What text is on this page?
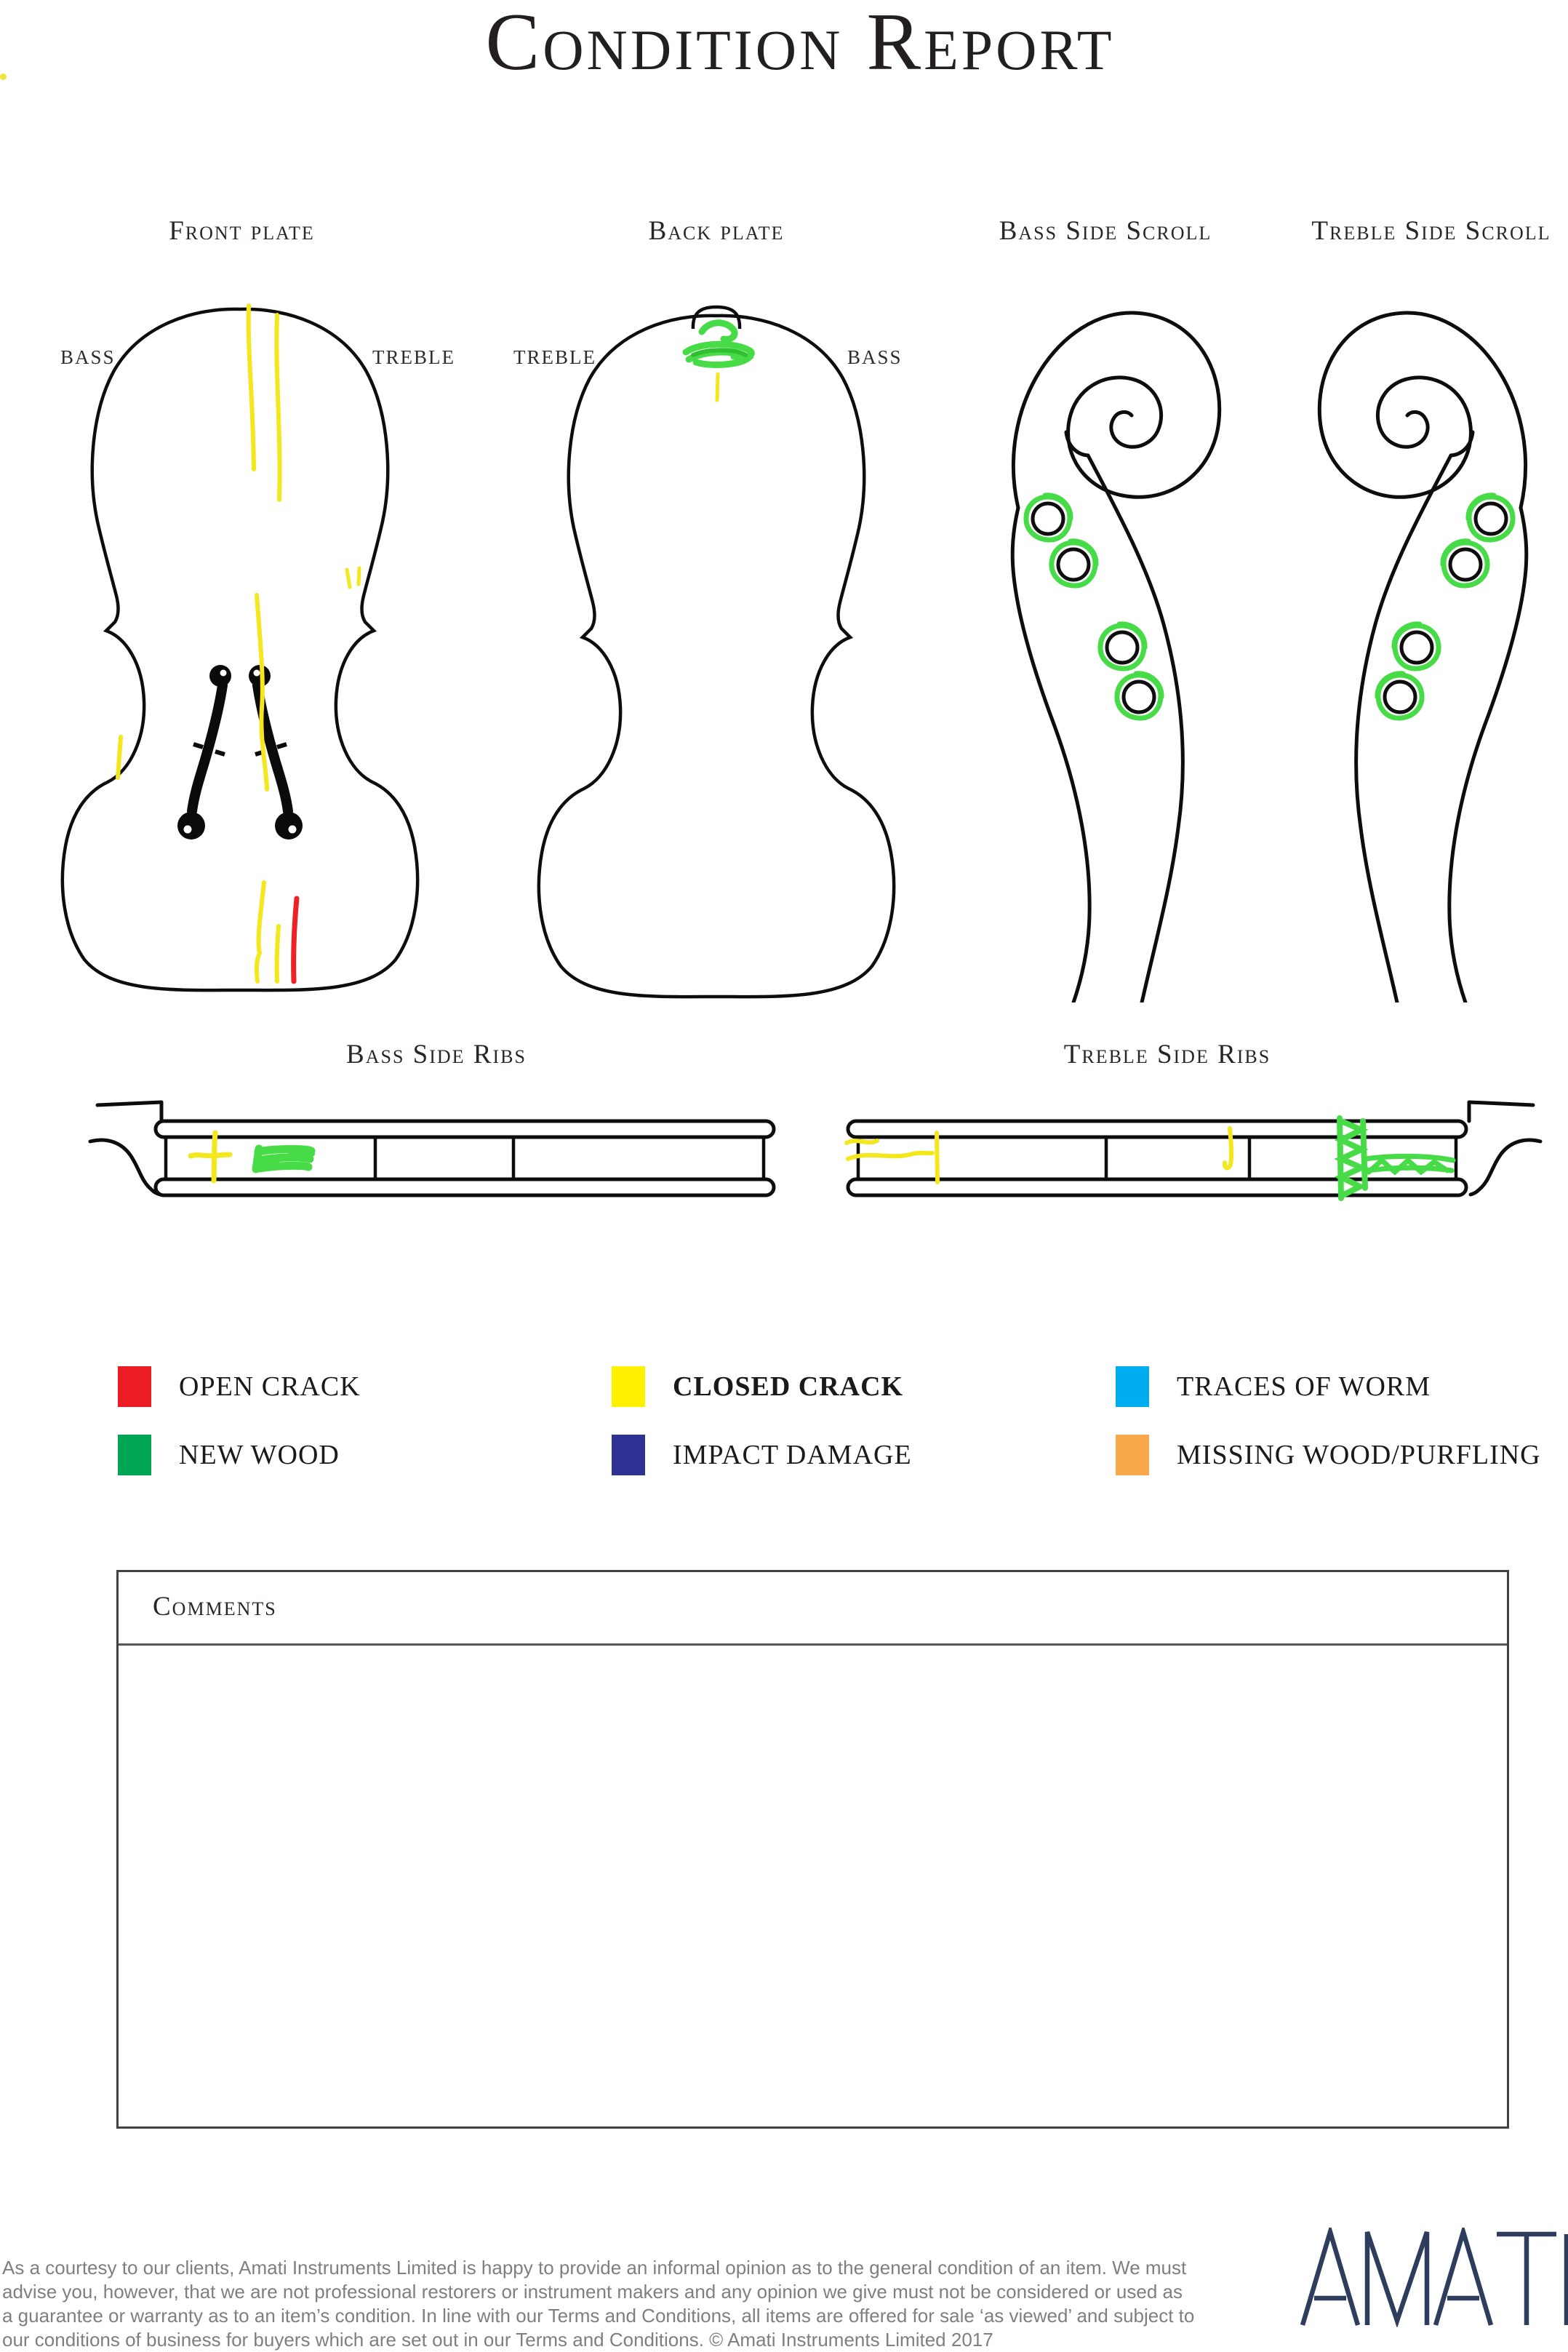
Condition Report
Front plate	Back plate	Bass Side Scroll	Treble Side Scroll
BASS	TREBLE	TREBLE	BASS
Bass Side Ribs	Treble Side Ribs
OPEN CRACK	CLOSED CRACK	TRACES OF WORM
NEW WOOD	IMPACT DAMAGE	MISSING WOOD/PURFLING
Comments
As a courtesy to our clients, Amati Instruments Limited is happy to provide an informal opinion as to the general condition of an item. We must
advise you, however, that we are not professional restorers or instrument makers and any opinion we give must not be considered or used as
a guarantee or warranty as to an item’s condition. In line with our Terms and Conditions, all items are offered for sale ‘as viewed’ and subject to
our conditions of business for buyers which are set out in our Terms and Conditions. © Amati Instruments Limited 2017
